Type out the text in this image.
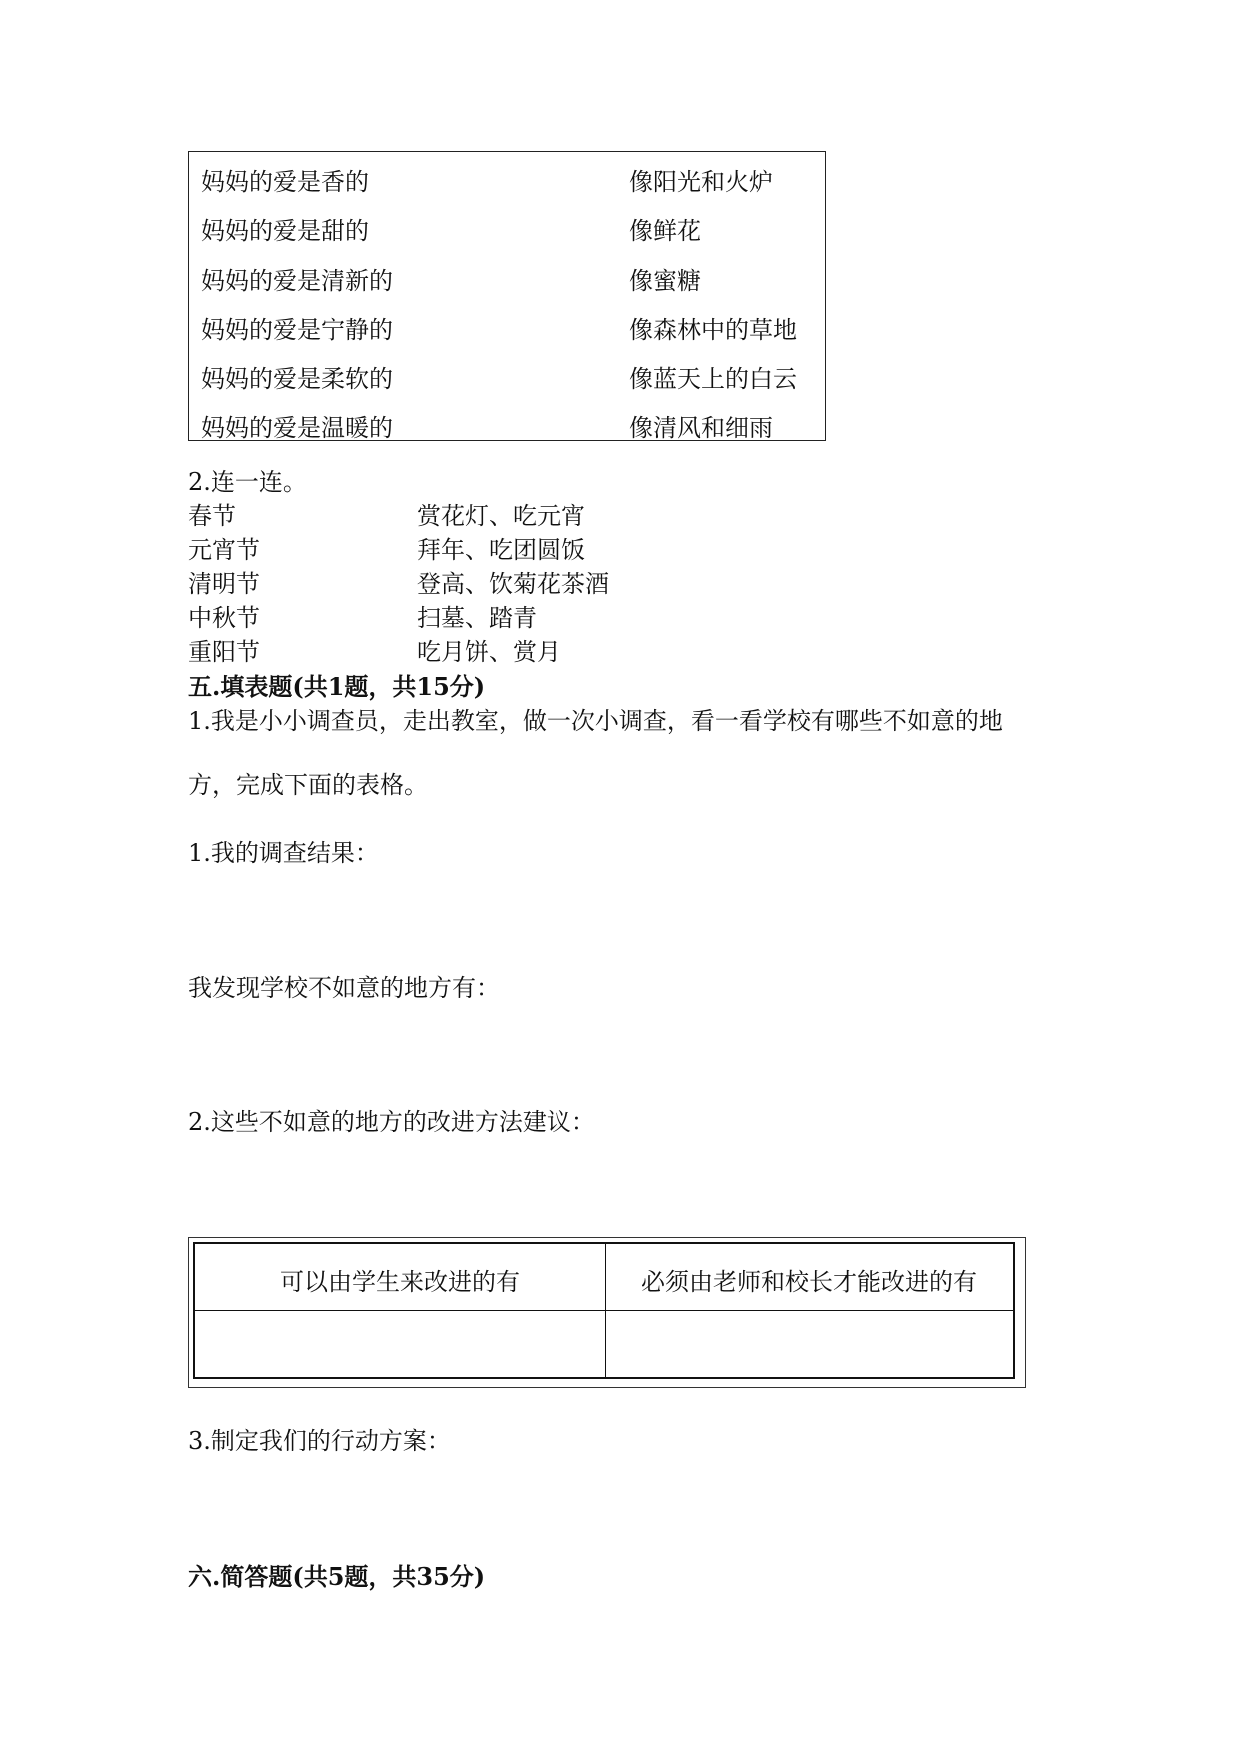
妈妈的爱是香的	像阳光和火炉
妈妈的爱是甜的	像鲜花
妈妈的爱是清新的	像蜜糖
妈妈的爱是宁静的	像森林中的草地
妈妈的爱是柔软的	像蓝天上的白云
妈妈的爱是温暖的	像清风和细雨
2.连一连。
春节	赏花灯、吃元宵
元宵节	拜年、吃团圆饭
清明节	登高、饮菊花茶酒
中秋节	扫墓、踏青
重阳节	吃月饼、赏月
五.填表题(共1题，共15分)
1.我是小小调查员，走出教室，做一次小调查，看一看学校有哪些不如意的地
方，完成下面的表格。
1.我的调查结果：
我发现学校不如意的地方有：
2.这些不如意的地方的改进方法建议：
可以由学生来改进的有	必须由老师和校长才能改进的有
3.制定我们的行动方案：
六.简答题(共5题，共35分)
